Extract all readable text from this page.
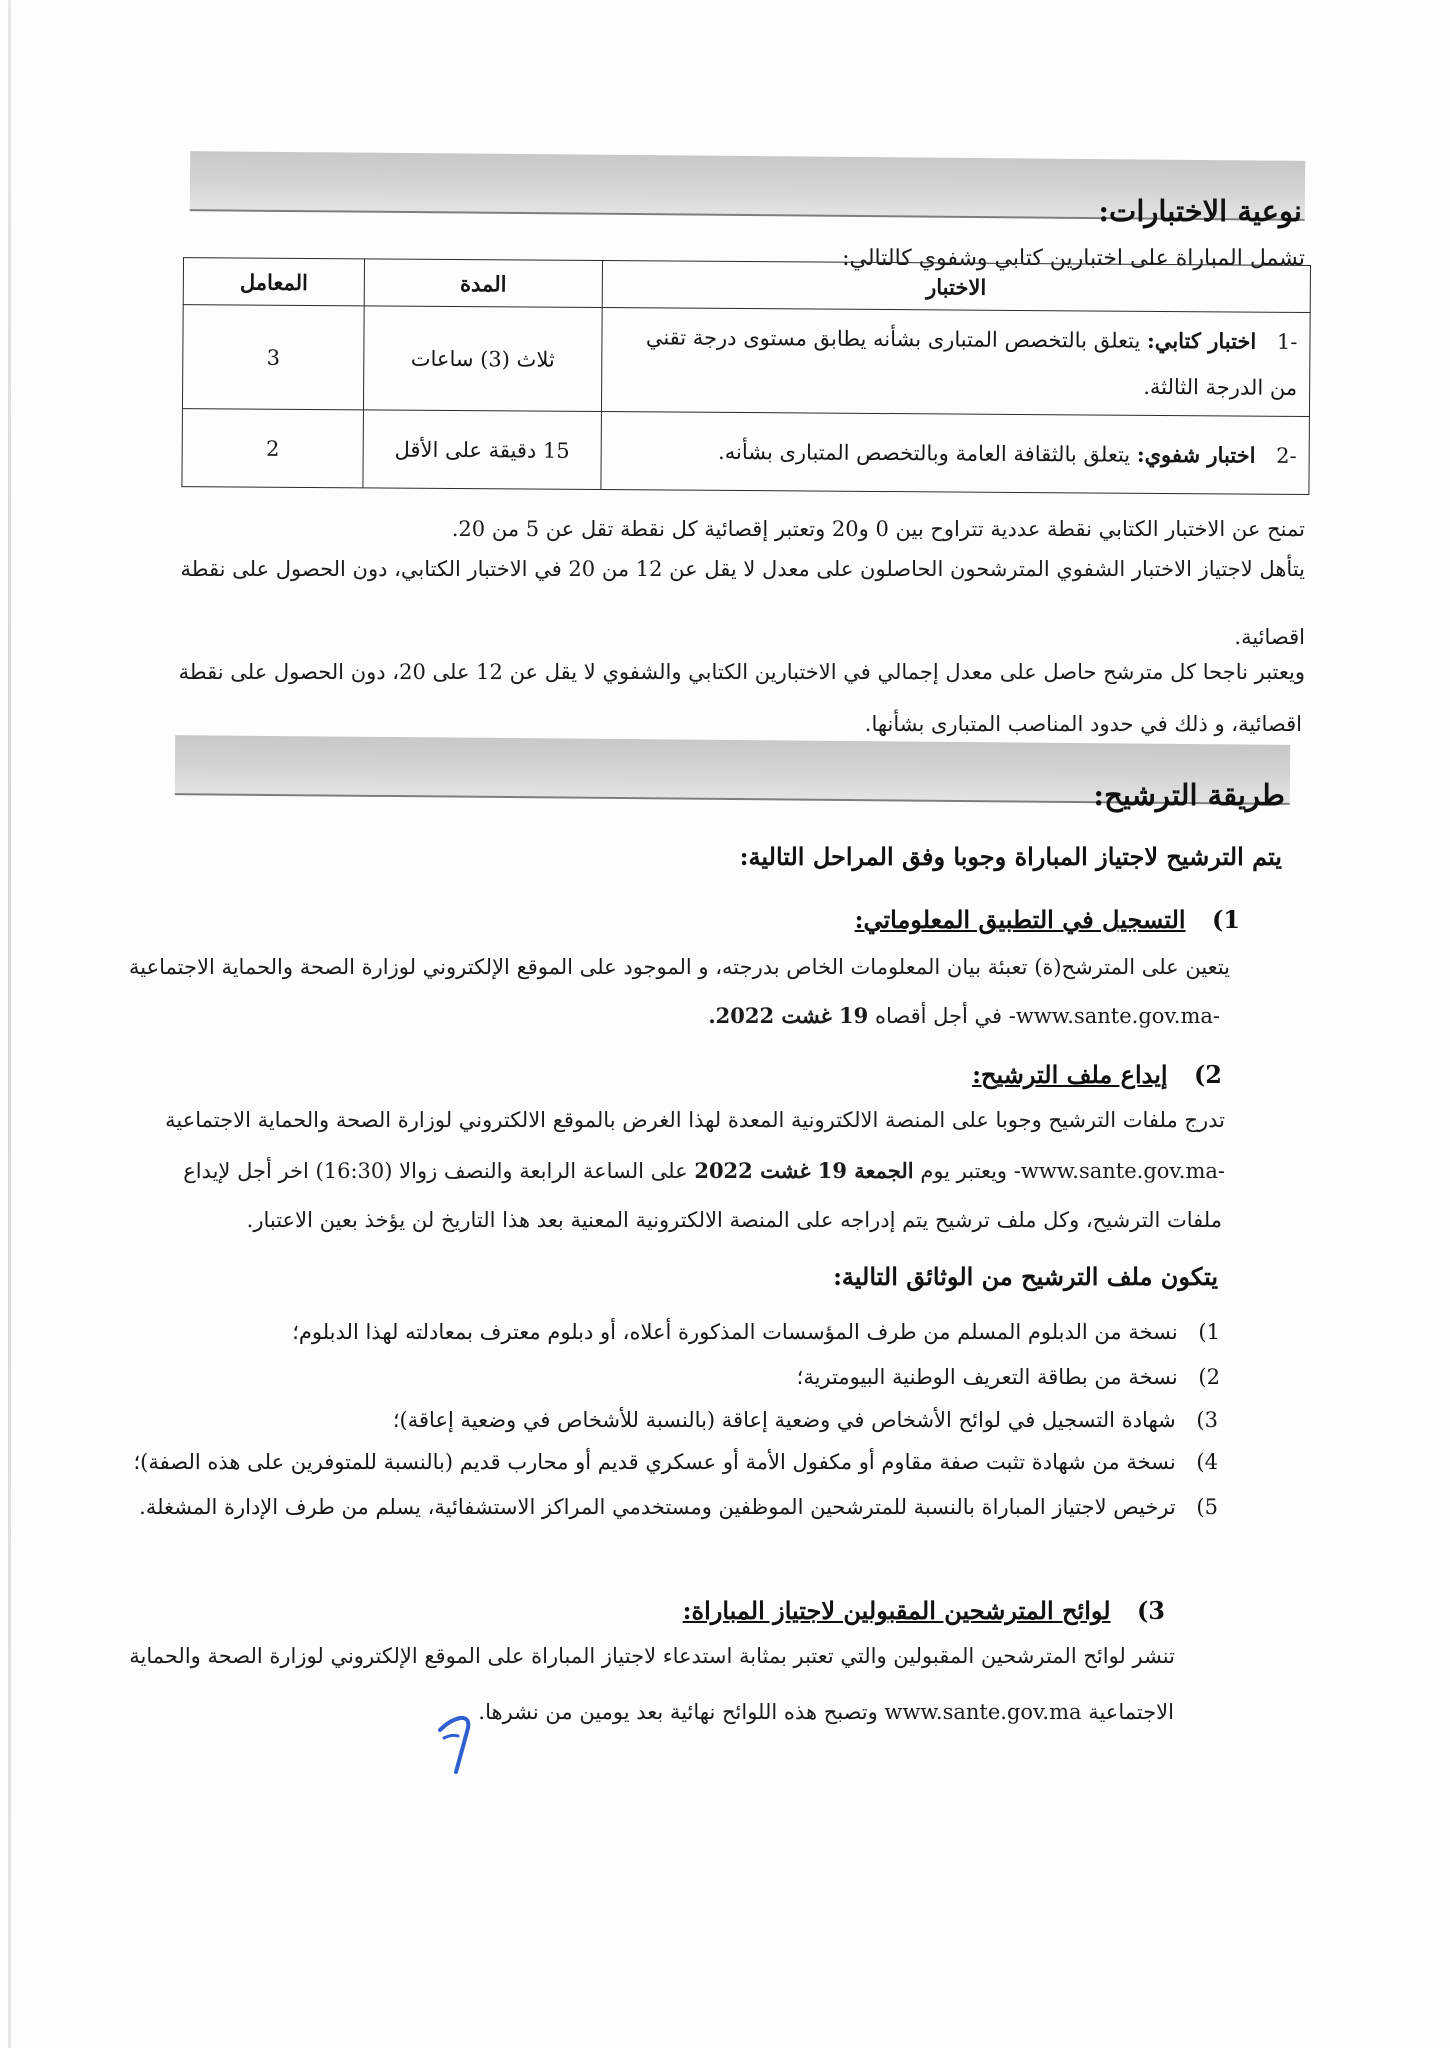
نوعية الاختبارات:
تشمل المباراة على اختبارين كتابي وشفوي كالتالي:
الاختبار	المدة	المعامل
-1 اختبار كتابي: يتعلق بالتخصص المتبارى بشأنه يطابق مستوى درجة تقني
من الدرجة الثالثة.	ثلاث (3) ساعات	3
-2 اختبار شفوي: يتعلق بالثقافة العامة وبالتخصص المتبارى بشأنه.	15 دقيقة على الأقل	2
تمنح عن الاختبار الكتابي نقطة عددية تتراوح بين 0 و20 وتعتبر إقصائية كل نقطة تقل عن 5 من 20.
يتأهل لاجتياز الاختبار الشفوي المترشحون الحاصلون على معدل لا يقل عن 12 من 20 في الاختبار الكتابي، دون الحصول على نقطة
اقصائية.
ويعتبر ناجحا كل مترشح حاصل على معدل إجمالي في الاختبارين الكتابي والشفوي لا يقل عن 12 على 20، دون الحصول على نقطة
اقصائية، و ذلك في حدود المناصب المتبارى بشأنها.
طريقة الترشيح:
يتم الترشيح لاجتياز المباراة وجوبا وفق المراحل التالية:
1) التسجيل في التطبيق المعلوماتي:
يتعين على المترشح(ة) تعبئة بيان المعلومات الخاص بدرجته، و الموجود على الموقع الإلكتروني لوزارة الصحة والحماية الاجتماعية
-www.sante.gov.ma- في أجل أقصاه 19 غشت 2022.
2) إيداع ملف الترشيح:
تدرج ملفات الترشيح وجوبا على المنصة الالكترونية المعدة لهذا الغرض بالموقع الالكتروني لوزارة الصحة والحماية الاجتماعية
-www.sante.gov.ma- ويعتبر يوم الجمعة 19 غشت 2022 على الساعة الرابعة والنصف زوالا (16:30) اخر أجل لإيداع
ملفات الترشيح، وكل ملف ترشيح يتم إدراجه على المنصة الالكترونية المعنية بعد هذا التاريخ لن يؤخذ بعين الاعتبار.
يتكون ملف الترشيح من الوثائق التالية:
1) نسخة من الدبلوم المسلم من طرف المؤسسات المذكورة أعلاه، أو دبلوم معترف بمعادلته لهذا الدبلوم؛
2) نسخة من بطاقة التعريف الوطنية البيومترية؛
3) شهادة التسجيل في لوائح الأشخاص في وضعية إعاقة (بالنسبة للأشخاص في وضعية إعاقة)؛
4) نسخة من شهادة تثبت صفة مقاوم أو مكفول الأمة أو عسكري قديم أو محارب قديم (بالنسبة للمتوفرين على هذه الصفة)؛
5) ترخيص لاجتياز المباراة بالنسبة للمترشحين الموظفين ومستخدمي المراكز الاستشفائية، يسلم من طرف الإدارة المشغلة.
3) لوائح المترشحين المقبولين لاجتياز المباراة:
تنشر لوائح المترشحين المقبولين والتي تعتبر بمثابة استدعاء لاجتياز المباراة على الموقع الإلكتروني لوزارة الصحة والحماية
الاجتماعية www.sante.gov.ma وتصبح هذه اللوائح نهائية بعد يومين من نشرها.
